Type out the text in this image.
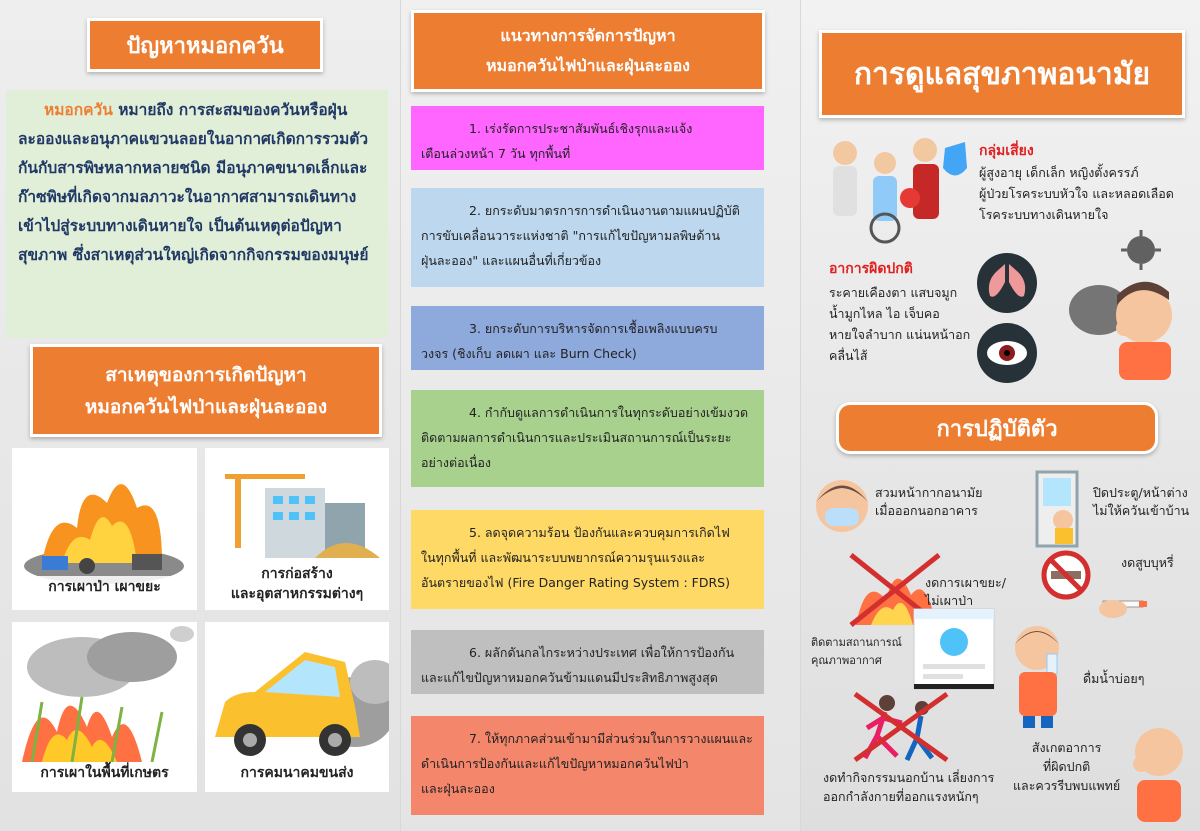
ปัญหาหมอกควัน
หมอกควัน หมายถึง การสะสมของควันหรือฝุ่นละอองและอนุภาคแขวนลอยในอากาศเกิดการรวมตัวกันกับสารพิษหลากหลายชนิด มีอนุภาคขนาดเล็กและก๊าซพิษที่เกิดจากมลภาวะในอากาศสามารถเดินทางเข้าไปสู่ระบบทางเดินหายใจ เป็นต้นเหตุต่อปัญหาสุขภาพ ซึ่งสาเหตุส่วนใหญ่เกิดจากกิจกรรมของมนุษย์
สาเหตุของการเกิดปัญหา
หมอกควันไฟป่าและฝุ่นละออง
การเผาป่า เผาขยะ
การก่อสร้าง
และอุตสาหกรรมต่างๆ
การเผาในพื้นที่เกษตร	การคมนาคมขนส่ง
แนวทางการจัดการปัญหา
หมอกควันไฟป่าและฝุ่นละออง
1. เร่งรัดการประชาสัมพันธ์เชิงรุกและแจ้ง
เตือนล่วงหน้า 7 วัน ทุกพื้นที่
2. ยกระดับมาตรการการดำเนินงานตามแผนปฏิบัติ
การขับเคลื่อนวาระแห่งชาติ "การแก้ไขปัญหามลพิษด้าน
ฝุ่นละออง" และแผนอื่นที่เกี่ยวข้อง
3. ยกระดับการบริหารจัดการเชื้อเพลิงแบบครบ
วงจร (ชิงเก็บ ลดเผา และ Burn Check)
4. กำกับดูแลการดำเนินการในทุกระดับอย่างเข้มงวด
ติดตามผลการดำเนินการและประเมินสถานการณ์เป็นระยะ
อย่างต่อเนื่อง
5. ลดจุดความร้อน ป้องกันและควบคุมการเกิดไฟ
ในทุกพื้นที่ และพัฒนาระบบพยากรณ์ความรุนแรงและ
อันตรายของไฟ (Fire Danger Rating System : FDRS)
6. ผลักดันกลไกระหว่างประเทศ เพื่อให้การป้องกัน
และแก้ไขปัญหาหมอกควันข้ามแดนมีประสิทธิภาพสูงสุด
7. ให้ทุกภาคส่วนเข้ามามีส่วนร่วมในการวางแผนและ
ดำเนินการป้องกันและแก้ไขปัญหาหมอกควันไฟป่า
และฝุ่นละออง
การดูแลสุขภาพอนามัย
กลุ่มเสี่ยง
ผู้สูงอายุ เด็กเล็ก หญิงตั้งครรภ์
ผู้ป่วยโรคระบบหัวใจ และหลอดเลือด
โรคระบบทางเดินหายใจ
อาการผิดปกติ
ระคายเคืองตา แสบจมูก
น้ำมูกไหล ไอ เจ็บคอ
หายใจลำบาก แน่นหน้าอก
คลื่นไส้
การปฏิบัติตัว
สวมหน้ากากอนามัย
เมื่อออกนอกอาคาร
ปิดประตู/หน้าต่าง
ไม่ให้ควันเข้าบ้าน
งดสูบบุหรี่
งดการเผาขยะ/
ไม่เผาป่า
ติดตามสถานการณ์
คุณภาพอากาศ
ดื่มน้ำบ่อยๆ
งดทำกิจกรรมนอกบ้าน เลี่ยงการ
ออกกำลังกายที่ออกแรงหนักๆ
สังเกตอาการ
ที่ผิดปกติ
และควรรีบพบแพทย์
